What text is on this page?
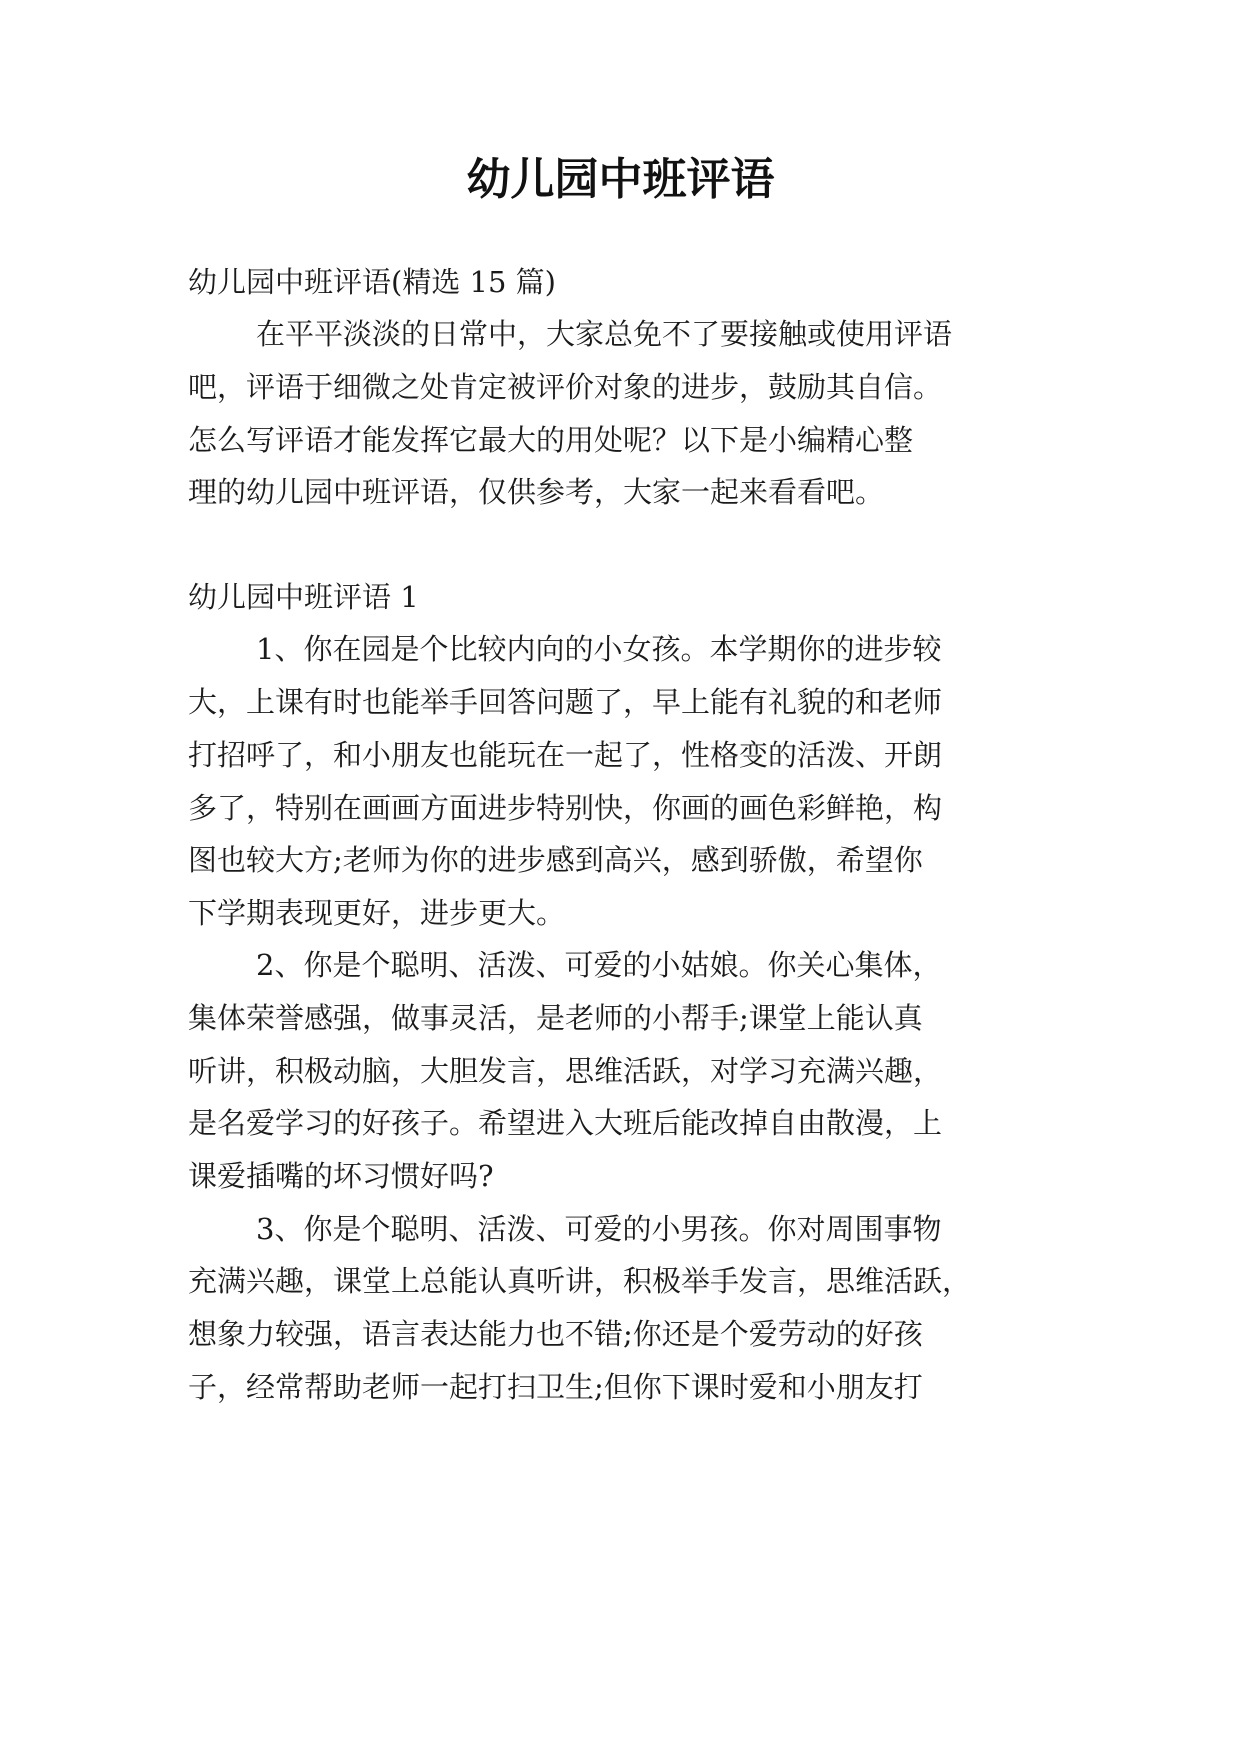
幼儿园中班评语

幼儿园中班评语(精选 15 篇)

在平平淡淡的日常中，大家总免不了要接触或使用评语

吧，评语于细微之处肯定被评价对象的进步，鼓励其自信。

怎么写评语才能发挥它最大的用处呢？以下是小编精心整

理的幼儿园中班评语，仅供参考，大家一起来看看吧。

幼儿园中班评语 1

1、你在园是个比较内向的小女孩。本学期你的进步较

大，上课有时也能举手回答问题了，早上能有礼貌的和老师

打招呼了，和小朋友也能玩在一起了，性格变的活泼、开朗

多了，特别在画画方面进步特别快，你画的画色彩鲜艳，构

图也较大方;老师为你的进步感到高兴，感到骄傲，希望你

下学期表现更好，进步更大。

2、你是个聪明、活泼、可爱的小姑娘。你关心集体，

集体荣誉感强，做事灵活，是老师的小帮手;课堂上能认真

听讲，积极动脑，大胆发言，思维活跃，对学习充满兴趣，

是名爱学习的好孩子。希望进入大班后能改掉自由散漫，上

课爱插嘴的坏习惯好吗?

3、你是个聪明、活泼、可爱的小男孩。你对周围事物

充满兴趣，课堂上总能认真听讲，积极举手发言，思维活跃，

想象力较强，语言表达能力也不错;你还是个爱劳动的好孩

子，经常帮助老师一起打扫卫生;但你下课时爱和小朋友打
